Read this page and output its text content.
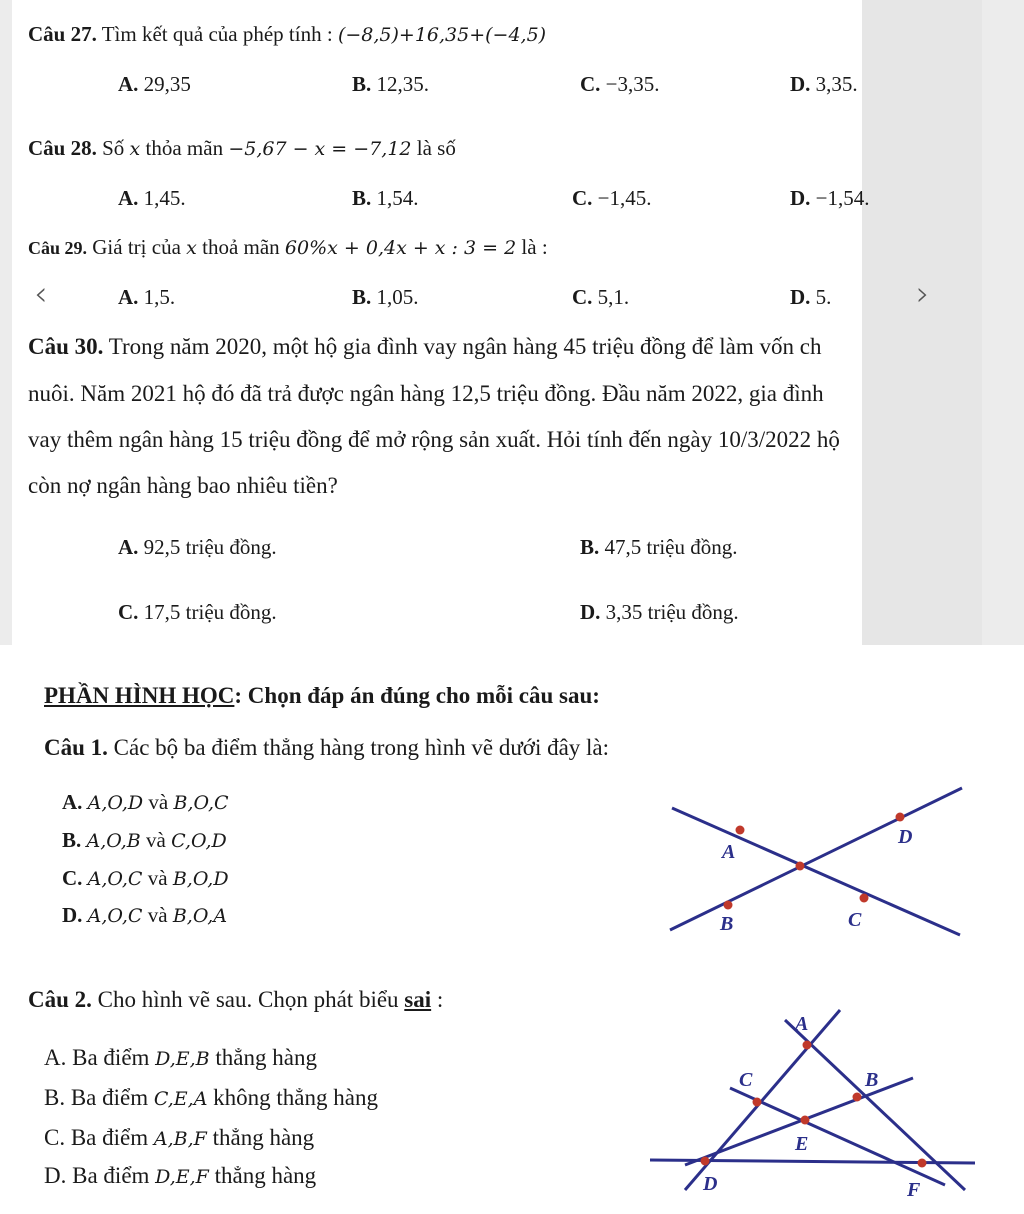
Câu 27. Tìm kết quả của phép tính : (−8,5)+16,35+(−4,5)
A. 29,35	B. 12,35.	C. −3,35.	D. 3,35.
Câu 28. Số x thỏa mãn −5,67 − x = −7,12 là số
A. 1,45.	B. 1,54.	C. −1,45.	D. −1,54.
Câu 29. Giá trị của x thoả mãn 60%x + 0,4x + x : 3 = 2 là :
‹	›
A. 1,5.	B. 1,05.	C. 5,1.	D. 5.
Câu 30. Trong năm 2020, một hộ gia đình vay ngân hàng 45 triệu đồng để làm vốn ch
nuôi. Năm 2021 hộ đó đã trả được ngân hàng 12,5 triệu đồng. Đầu năm 2022, gia đình
vay thêm ngân hàng 15 triệu đồng để mở rộng sản xuất. Hỏi tính đến ngày 10/3/2022 hộ
còn nợ ngân hàng bao nhiêu tiền?
A. 92,5 triệu đồng.	B. 47,5 triệu đồng.
C. 17,5 triệu đồng.	D. 3,35 triệu đồng.
PHẦN HÌNH HỌC: Chọn đáp án đúng cho mỗi câu sau:
Câu 1. Các bộ ba điểm thẳng hàng trong hình vẽ dưới đây là:
A. A,O,D và B,O,C
B. A,O,B và C,O,D
C. A,O,C và B,O,D
D. A,O,C và B,O,A
A
D
B	C
Câu 2. Cho hình vẽ sau. Chọn phát biểu sai :
A. Ba điểm D,E,B thẳng hàng
B. Ba điểm C,E,A không thẳng hàng
C. Ba điểm A,B,F thẳng hàng
D. Ba điểm D,E,F thẳng hàng
A
C	B
E
D	F
